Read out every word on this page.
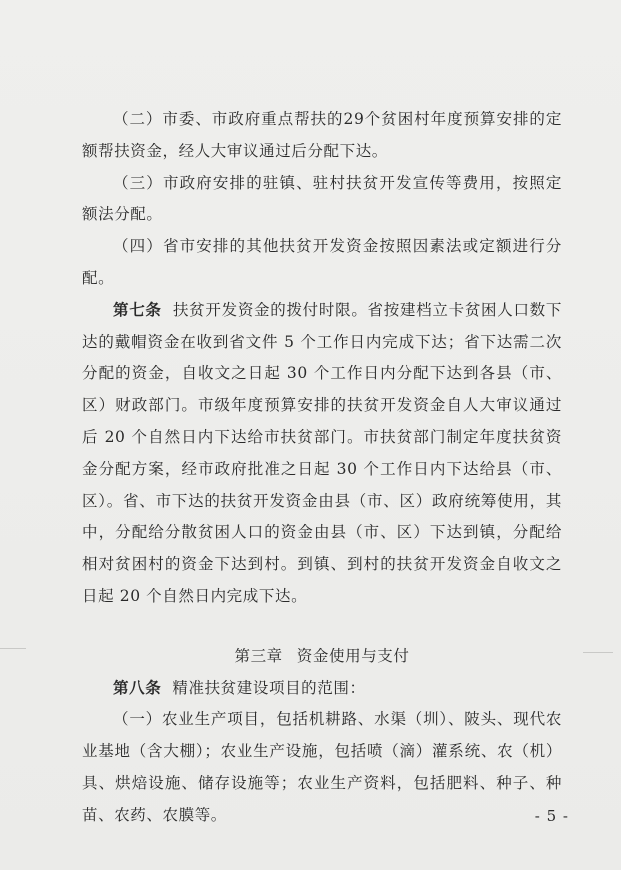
（二）市委、市政府重点帮扶的29个贫困村年度预算安排的定额帮扶资金，经人大审议通过后分配下达。

（三）市政府安排的驻镇、驻村扶贫开发宣传等费用，按照定额法分配。

（四）省市安排的其他扶贫开发资金按照因素法或定额进行分配。

第七条 扶贫开发资金的拨付时限。省按建档立卡贫困人口数下达的戴帽资金在收到省文件 5 个工作日内完成下达；省下达需二次分配的资金，自收文之日起 30 个工作日内分配下达到各县（市、区）财政部门。市级年度预算安排的扶贫开发资金自人大审议通过后 20 个自然日内下达给市扶贫部门。市扶贫部门制定年度扶贫资金分配方案，经市政府批准之日起 30 个工作日内下达给县（市、区）。省、市下达的扶贫开发资金由县（市、区）政府统筹使用，其中，分配给分散贫困人口的资金由县（市、区）下达到镇，分配给相对贫困村的资金下达到村。到镇、到村的扶贫开发资金自收文之日起 20 个自然日内完成下达。

第三章 资金使用与支付

第八条 精准扶贫建设项目的范围：

（一）农业生产项目，包括机耕路、水渠（圳）、陂头、现代农业基地（含大棚）；农业生产设施，包括喷（滴）灌系统、农（机）具、烘焙设施、储存设施等；农业生产资料，包括肥料、种子、种苗、农药、农膜等。	- 5 -
